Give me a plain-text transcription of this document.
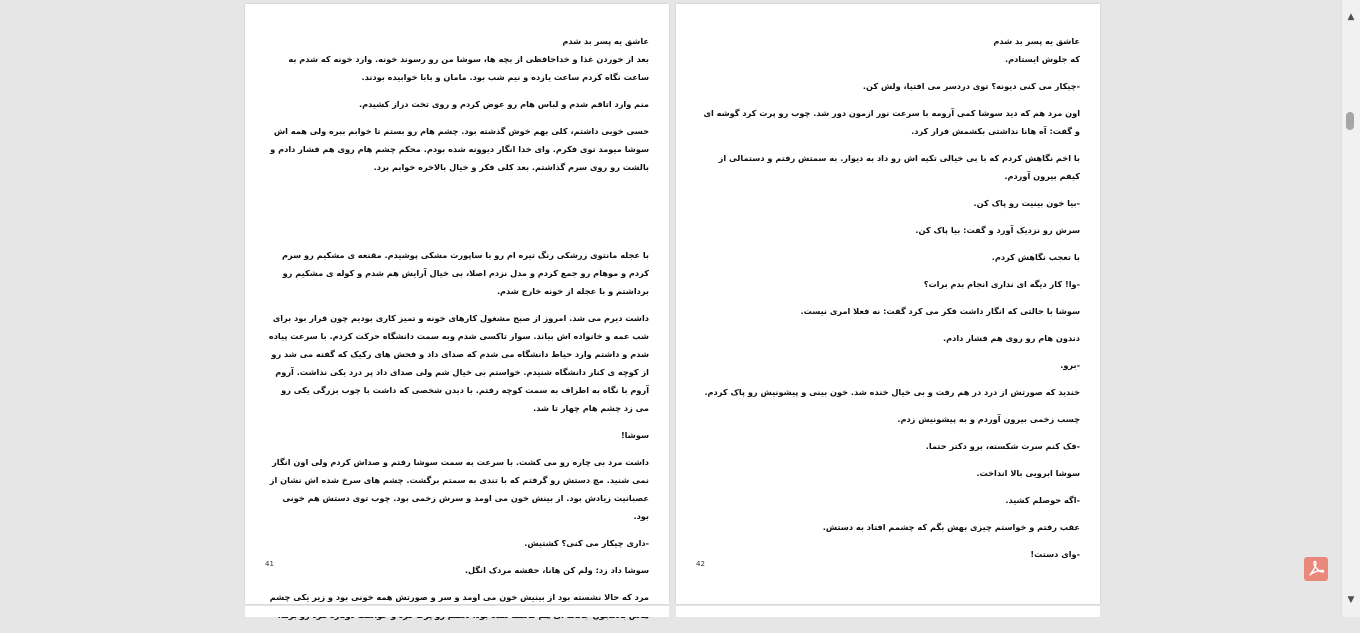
عاشق یه پسر بد شدم

بعد از خوردن غذا و خداحافظی از بچه ها، سوشا من رو رسوند خونه. وارد خونه که شدم به ساعت نگاه کردم ساعت یازده و نیم شب بود. مامان و بابا خوابیده بودند.

منم وارد اتاقم شدم و لباس هام رو عوض کردم و روی تخت دراز کشیدم.

حسی خوبی داشتم، کلی بهم خوش گذشته بود. چشم هام رو بستم تا خوابم ببره ولی همه اش سوشا میومد توی فکرم. وای خدا انگار دیوونه شده بودم. محکم چشم هام روی هم فشار دادم و بالشت رو روی سرم گذاشتم. بعد کلی فکر و خیال بالاخره خوابم برد.

با عجله مانتوی زرشکی رنگ تیره ام رو با ساپورت مشکی پوشیدم. مقنعه ی مشکیم رو سرم کردم و موهام رو جمع کردم و مدل نزدم اصلا، بی خیال آرایش هم شدم و کوله ی مشکیم رو برداشتم و با عجله از خونه خارج شدم.

داشت دیرم می شد. امروز از صبح مشغول کارهای خونه و تمیز کاری بودیم چون قرار بود برای شب عمه و خانواده اش بیاند. سوار تاکسی شدم وبه سمت دانشگاه حرکت کردم. با سرعت پیاده شدم و داشتم وارد حیاط دانشگاه می شدم که صدای داد و فحش های رکیک که گفته می شد رو از کوچه ی کنار دانشگاه شنیدم. خواستم بی خیال شم ولی صدای داد پر درد یکی نذاشت. آروم آروم با نگاه به اطراف به سمت کوچه رفتم. با دیدن شخصی که داشت با چوب بزرگی یکی رو می زد چشم هام چهار تا شد.

سوشا!

داشت مرد بی چاره رو می کشت. با سرعت به سمت سوشا رفتم و صداش کردم ولی اون انگار نمی شنید. مچ دستش رو گرفتم که با تندی به سمتم برگشت. چشم های سرخ شده اش نشان از عصبانیت زیادش بود. از بینش خون می اومد و سرش زخمی بود. چوب توی دستش هم خونی بود.

-داری چیکار می کنی؟ کشتیش.

سوشا داد زد: ولم کن هانا، حقشه مردک انگل.

مرد که حالا نشسته بود از بینیش خون می اومد و سر و صورتش همه خونی بود و زیر یکی چشم

41

عاشق یه پسر بد شدم

که جلوش ایستادم.

-چیکار می کنی دیونه؟ توی دردسر می افتیا، ولش کن.

اون مرد هم که دید سوشا کمی آرومه با سرعت نور ازمون دور شد. چوب رو پرت کرد گوشه ای و گفت: آه هانا نداشتی بکشمش فرار کرد.

با اخم نگاهش کردم که با بی خیالی تکیه اش رو داد به دیوار. به سمتش رفتم و دستمالی از کیفم بیرون آوردم.

-بیا خون بینیت رو پاک کن.

سرش رو نزدیک آورد و گفت: بیا پاک کن.

با تعجب نگاهش کردم.

-وا! کار دیگه ای نداری انجام بدم برات؟

سوشا با حالتی که انگار داشت فکر می کرد گفت: نه فعلا امری نیست.

دندون هام رو روی هم فشار دادم.

-برو.

خندید که صورتش از درد در هم رفت و بی خیال خنده شد. خون بینی و پیشونیش رو پاک کردم.

چسب زخمی بیرون آوردم و به پیشونیش زدم.

-فک کنم سرت شکسته، برو دکتر حتما.

سوشا ابرویی بالا انداخت.

-اگه حوصلم کشید.

عقب رفتم و خواستم چیزی بهش بگم که چشمم افتاد به دستش.

-وای دستت!

42
▲
▼
